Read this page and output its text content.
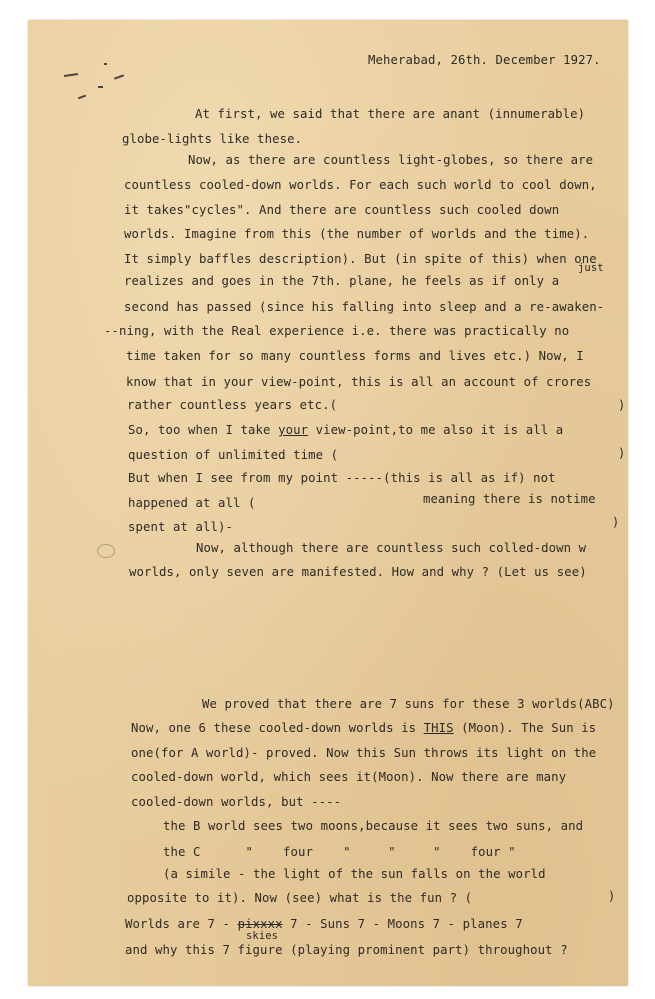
Meherabad, 26th. December 1927.
At first, we said that there are anant (innumerable)
globe-lights like these.
Now, as there are countless light-globes, so there are
countless cooled-down worlds. For each such world to cool down,
it takes"cycles". And there are countless such cooled down
worlds. Imagine from this (the number of worlds and the time).
It simply baffles description). But (in spite of this) when one
just
realizes and goes in the 7th. plane, he feels as if only a
second has passed (since his falling into sleep and a re-awaken-
--ning, with the Real experience i.e. there was practically no
time taken for so many countless forms and lives etc.) Now, I
know that in your view-point, this is all an account of crores
rather countless years etc.(	)
So, too when I take your view-point,to me also it is all a
question of unlimited time (	)
But when I see from my point -----(this is all as if) not
happened at all (	meaning there is notime
spent at all)-	)
Now, although there are countless such colled-down w
worlds, only seven are manifested. How and why ? (Let us see)
We proved that there are 7 suns for these 3 worlds(ABC)
Now, one 6 these cooled-down worlds is THIS (Moon). The Sun is
one(for A world)- proved. Now this Sun throws its light on the
cooled-down world, which sees it(Moon). Now there are many
cooled-down worlds, but ----
the B world sees two moons,because it sees two suns, and
the C      "    four    "     "     "    four "
(a simile - the light of the sun falls on the world
opposite to it). Now (see) what is the fun ? (	)
Worlds are 7 - pixxxx 7 - Suns 7 - Moons 7 - planes 7
skies
and why this 7 figure (playing prominent part) throughout ?
